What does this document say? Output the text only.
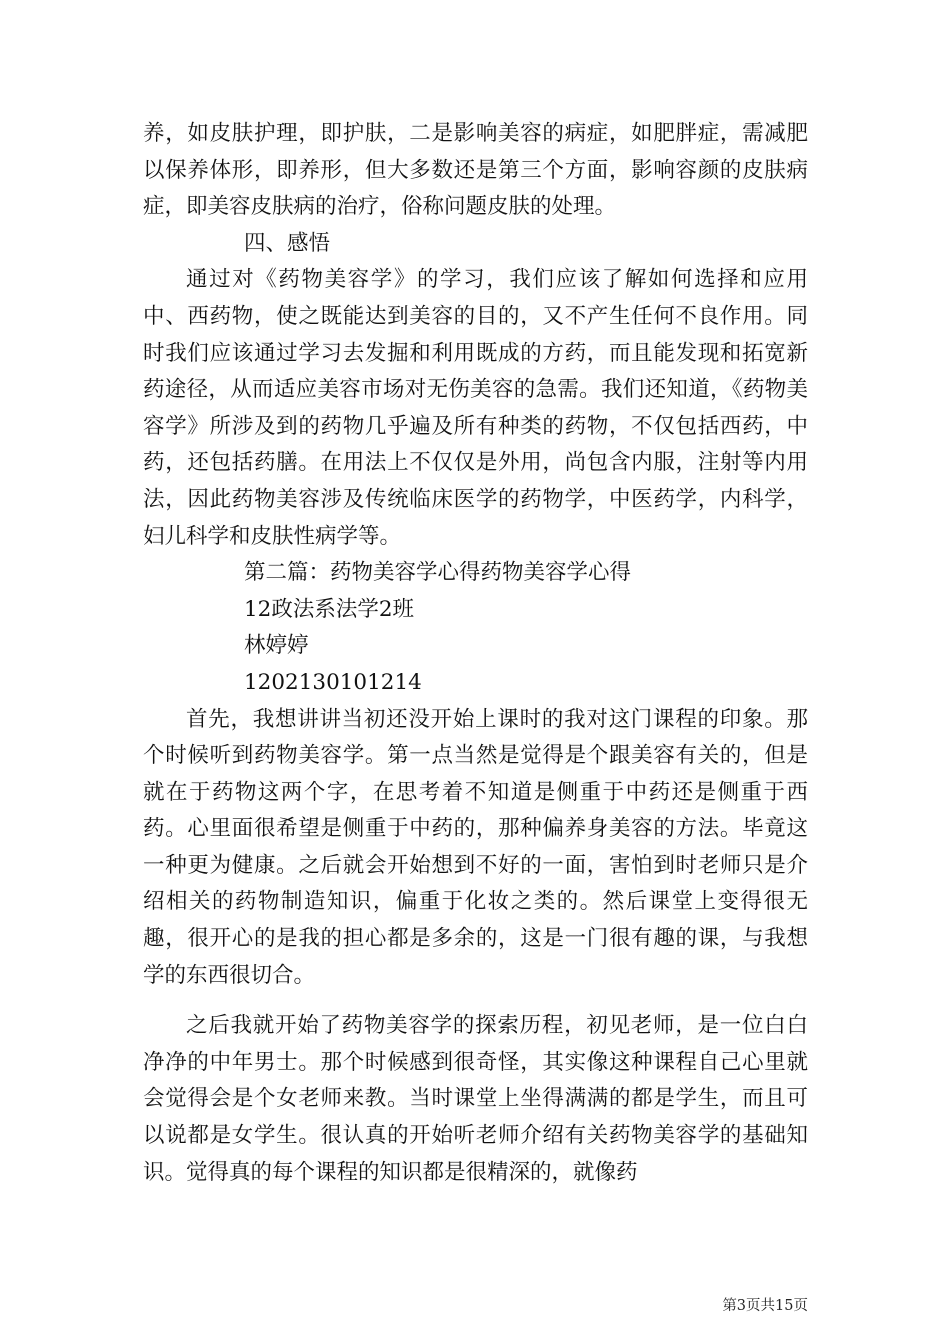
养，如皮肤护理，即护肤，二是影响美容的病症，如肥胖症，需减肥以保养体形，即养形，但大多数还是第三个方面，影响容颜的皮肤病症，即美容皮肤病的治疗，俗称问题皮肤的处理。

四、感悟

通过对《药物美容学》的学习，我们应该了解如何选择和应用中、西药物，使之既能达到美容的目的，又不产生任何不良作用。同时我们应该通过学习去发掘和利用既成的方药，而且能发现和拓宽新药途径，从而适应美容市场对无伤美容的急需。我们还知道，《药物美容学》所涉及到的药物几乎遍及所有种类的药物，不仅包括西药，中药，还包括药膳。在用法上不仅仅是外用，尚包含内服，注射等内用法，因此药物美容涉及传统临床医学的药物学，中医药学，内科学，妇儿科学和皮肤性病学等。

第二篇：药物美容学心得药物美容学心得

12政法系法学2班

林婷婷

1202130101214

首先，我想讲讲当初还没开始上课时的我对这门课程的印象。那个时候听到药物美容学。第一点当然是觉得是个跟美容有关的，但是就在于药物这两个字，在思考着不知道是侧重于中药还是侧重于西药。心里面很希望是侧重于中药的，那种偏养身美容的方法。毕竟这一种更为健康。之后就会开始想到不好的一面，害怕到时老师只是介绍相关的药物制造知识，偏重于化妆之类的。然后课堂上变得很无趣，很开心的是我的担心都是多余的，这是一门很有趣的课，与我想学的东西很切合。

之后我就开始了药物美容学的探索历程，初见老师，是一位白白净净的中年男士。那个时候感到很奇怪，其实像这种课程自己心里就会觉得会是个女老师来教。当时课堂上坐得满满的都是学生，而且可以说都是女学生。很认真的开始听老师介绍有关药物美容学的基础知识。觉得真的每个课程的知识都是很精深的，就像药

第3页共15页
